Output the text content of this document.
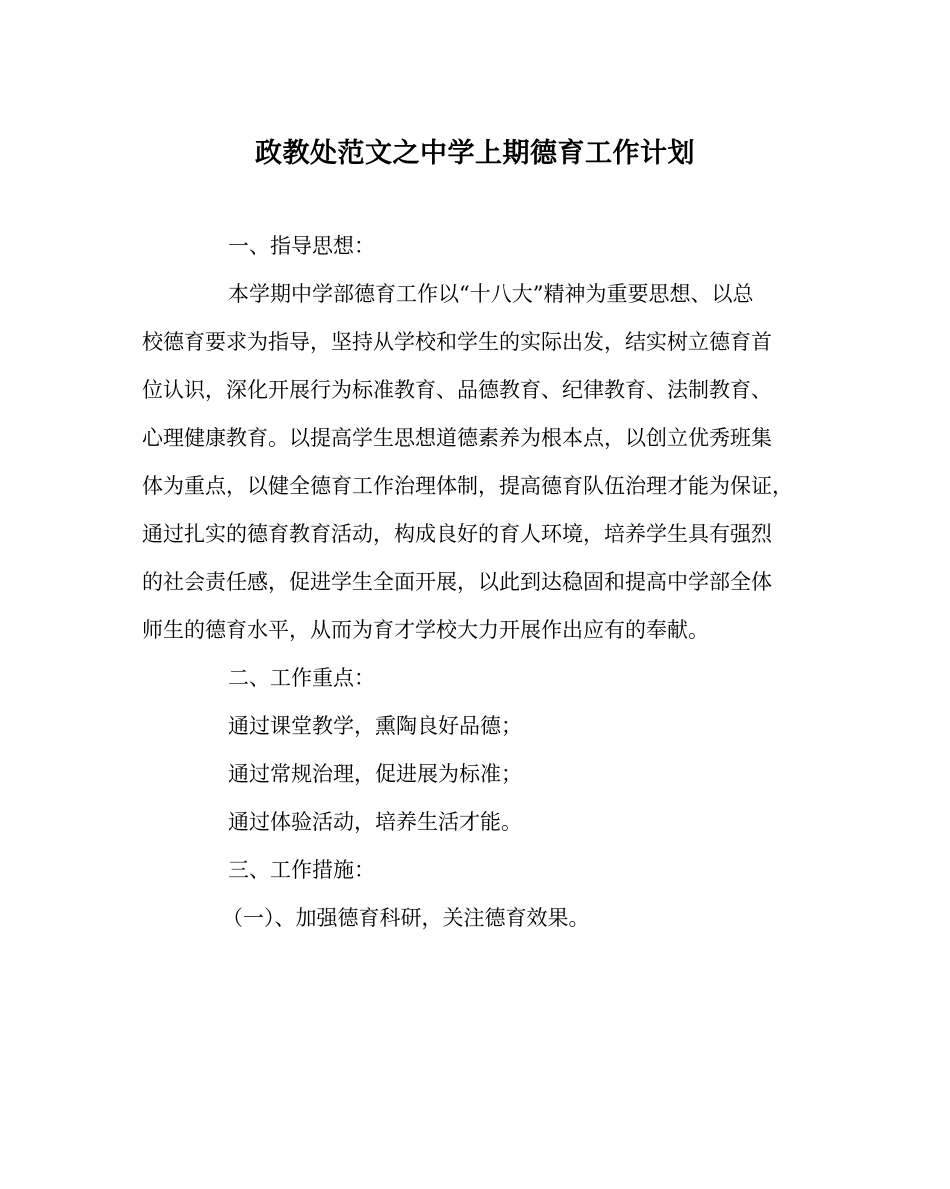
政教处范文之中学上期德育工作计划
一、指导思想：
本学期中学部德育工作以“十八大”精神为重要思想、以总
校德育要求为指导，坚持从学校和学生的实际出发，结实树立德育首
位认识，深化开展行为标准教育、品德教育、纪律教育、法制教育、
心理健康教育。以提高学生思想道德素养为根本点，以创立优秀班集
体为重点，以健全德育工作治理体制，提高德育队伍治理才能为保证，
通过扎实的德育教育活动，构成良好的育人环境，培养学生具有强烈
的社会责任感，促进学生全面开展，以此到达稳固和提高中学部全体
师生的德育水平，从而为育才学校大力开展作出应有的奉献。
二、工作重点：
通过课堂教学，熏陶良好品德；
通过常规治理，促进展为标准；
通过体验活动，培养生活才能。
三、工作措施：
（一）、加强德育科研，关注德育效果。
